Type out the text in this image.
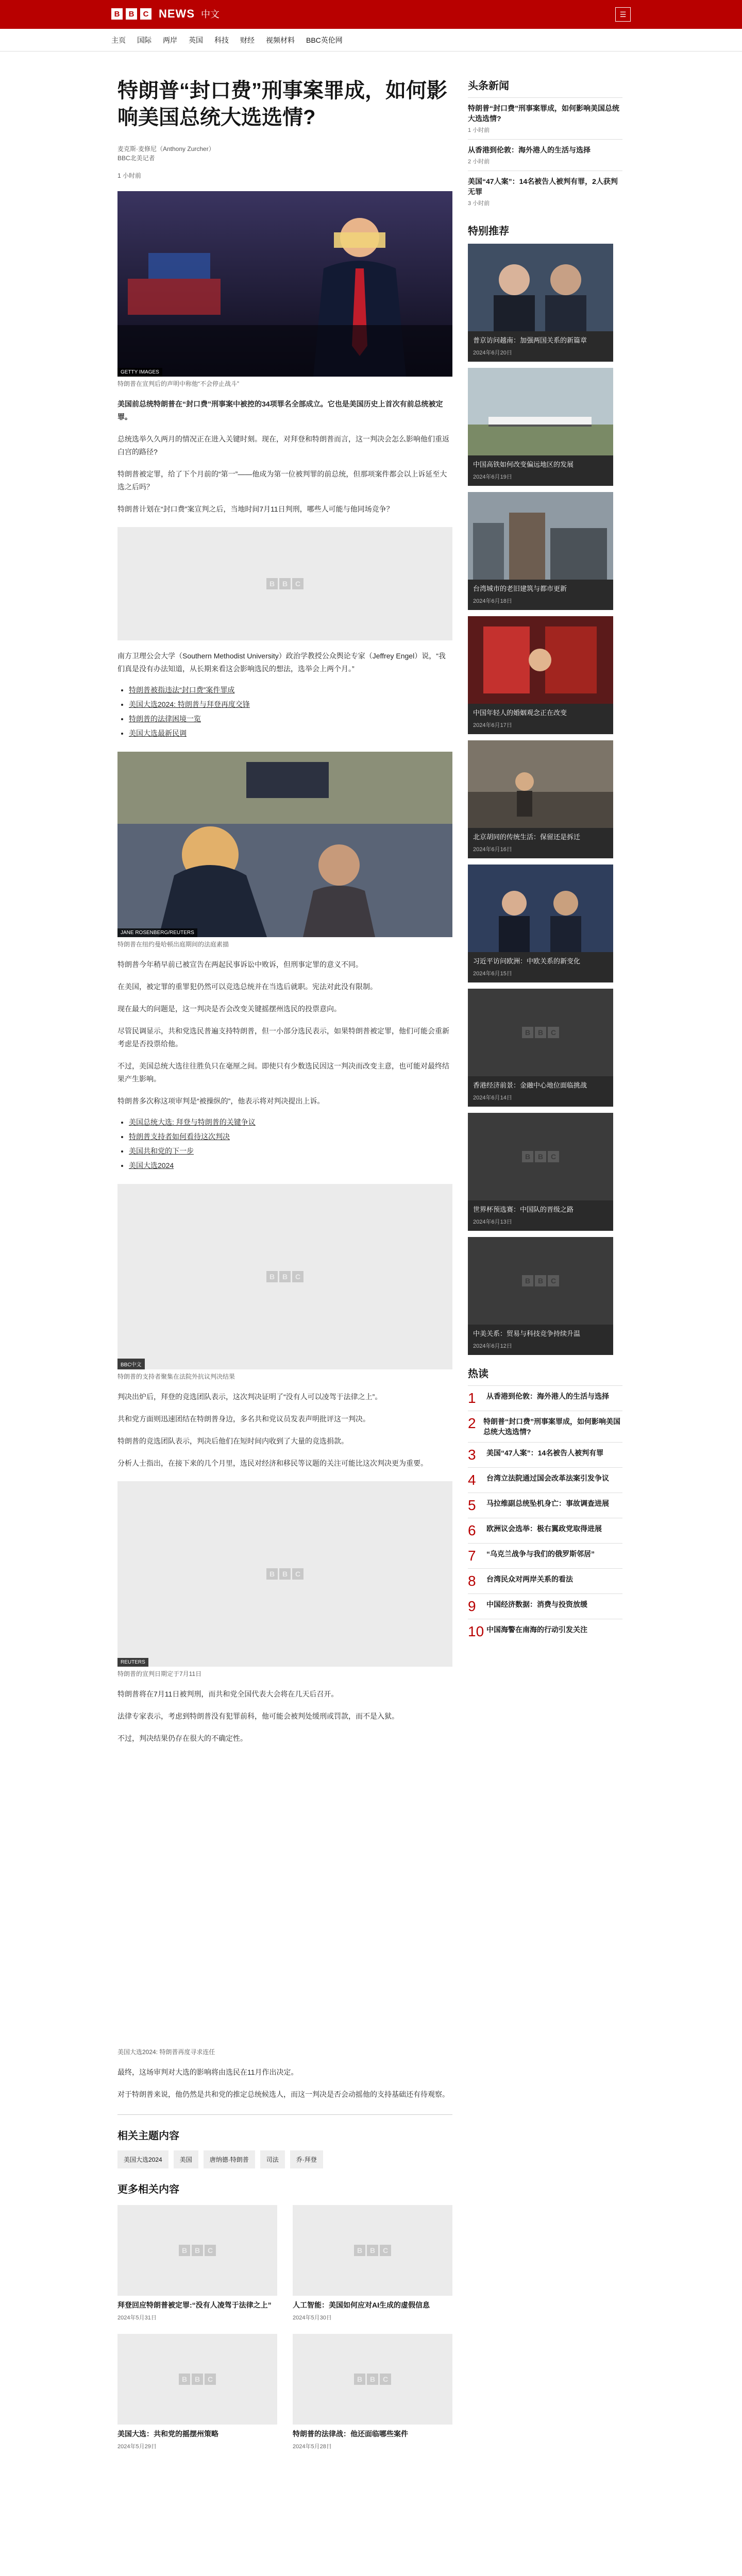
B	B	C NEWS 中文	☰
主页 国际 两岸 英国 科技 财经 视频材料 BBC英伦网
特朗普“封口费”刑事案罪成，如何影响美国总统大选选情?
麦克斯·麦修尼（Anthony Zurcher）
BBC北美记者
1 小时前
GETTY IMAGES
特朗普在宣判后的声明中称他“不会停止战斗”
美国前总统特朗普在“封口费”刑事案中被控的34项罪名全部成立。它也是美国历史上首次有前总统被定罪。
总统选举久久两月的情况正在进入关键时刻。现在，对拜登和特朗普而言，这一判决会怎么影响他们重返白宫的路径?
特朗普被定罪，给了下个月前的“第一”——他成为第一位被判罪的前总统，但那项案件都会以上诉延至大选之后吗？
特朗普计划在“封口费”案宣判之后，当地时间7月11日判刑，哪些人可能与他同场竞争？
B	B	C
南方卫理公会大学（Southern Methodist University）政治学教授公众舆论专家（Jeffrey Engel）说，“我们真是没有办法知道，从长期来看这会影响选民的想法，选举会上两个月。”
• 特朗普被指违法“封口费”案件罪成
• 美国大选2024: 特朗普与拜登再度交锋
• 特朗普的法律困境一览
• 美国大选最新民调
JANE ROSENBERG/REUTERS
特朗普在纽约曼哈顿出庭期间的法庭素描
特朗普今年稍早前已被宣告在两起民事诉讼中败诉，但刑事定罪的意义不同。
在美国，被定罪的重罪犯仍然可以竞选总统并在当选后就职。宪法对此没有限制。
现在最大的问题是，这一判决是否会改变关键摇摆州选民的投票意向。
尽管民调显示，共和党选民普遍支持特朗普，但一小部分选民表示，如果特朗普被定罪，他们可能会重新考虑是否投票给他。
不过，美国总统大选往往胜负只在毫厘之间。即使只有少数选民因这一判决而改变主意，也可能对最终结果产生影响。
特朗普多次称这项审判是“被操纵的”，他表示将对判决提出上诉。
• 美国总统大选: 拜登与特朗普的关键争议
• 特朗普支持者如何看待这次判决
• 美国共和党的下一步
• 美国大选2024
B	B	C
BBC中文
特朗普的支持者聚集在法院外抗议判决结果
判决出炉后，拜登的竞选团队表示，这次判决证明了“没有人可以凌驾于法律之上”。
共和党方面则迅速团结在特朗普身边，多名共和党议员发表声明批评这一判决。
特朗普的竞选团队表示，判决后他们在短时间内收到了大量的竞选捐款。
分析人士指出，在接下来的几个月里，选民对经济和移民等议题的关注可能比这次判决更为重要。
B	B	C
REUTERS
特朗普的宣判日期定于7月11日
特朗普将在7月11日被判刑，而共和党全国代表大会将在几天后召开。
法律专家表示，考虑到特朗普没有犯罪前科，他可能会被判处缓刑或罚款，而不是入狱。
不过，判决结果仍存在很大的不确定性。
美国大选2024: 特朗普再度寻求连任
最终，这场审判对大选的影响将由选民在11月作出决定。
对于特朗普来说，他仍然是共和党的推定总统候选人，而这一判决是否会动摇他的支持基础还有待观察。
相关主题内容
美国大选2024	美国	唐纳德·特朗普	司法	乔·拜登
更多相关内容
B	B	C
拜登回应特朗普被定罪:“没有人凌驾于法律之上”
2024年5月31日
B	B	C
人工智能：美国如何应对AI生成的虚假信息
2024年5月30日
B	B	C
美国大选：共和党的摇摆州策略
2024年5月29日
B	B	C
特朗普的法律战：他还面临哪些案件
2024年5月28日
头条新闻
特朗普“封口费”刑事案罪成，如何影响美国总统大选选情?
1 小时前
从香港到伦敦：海外港人的生活与选择
2 小时前
美国“47人案”：14名被告人被判有罪，2人获判无罪
3 小时前
特别推荐
普京访问越南：加强两国关系的新篇章
2024年6月20日
中国高铁如何改变偏远地区的发展
2024年6月19日
台湾城市的老旧建筑与都市更新
2024年6月18日
中国年轻人的婚姻观念正在改变
2024年6月17日
北京胡同的传统生活：保留还是拆迁
2024年6月16日
习近平访问欧洲：中欧关系的新变化
2024年6月15日
B	B	C
香港经济前景：金融中心地位面临挑战
2024年6月14日
B	B	C
世界杯预选赛：中国队的晋级之路
2024年6月13日
B	B	C
中美关系：贸易与科技竞争持续升温
2024年6月12日
热读
1	从香港到伦敦：海外港人的生活与选择
2 特朗普“封口费”刑事案罪成，如何影响美国总统大选选情?
3	美国“47人案”：14名被告人被判有罪
4	台湾立法院通过国会改革法案引发争议
5	马拉维副总统坠机身亡：事故调查进展
6	欧洲议会选举：极右翼政党取得进展
7	“乌克兰战争与我们的俄罗斯邻居”
8	台湾民众对两岸关系的看法
9	中国经济数据：消费与投资放缓
10 中国海警在南海的行动引发关注
